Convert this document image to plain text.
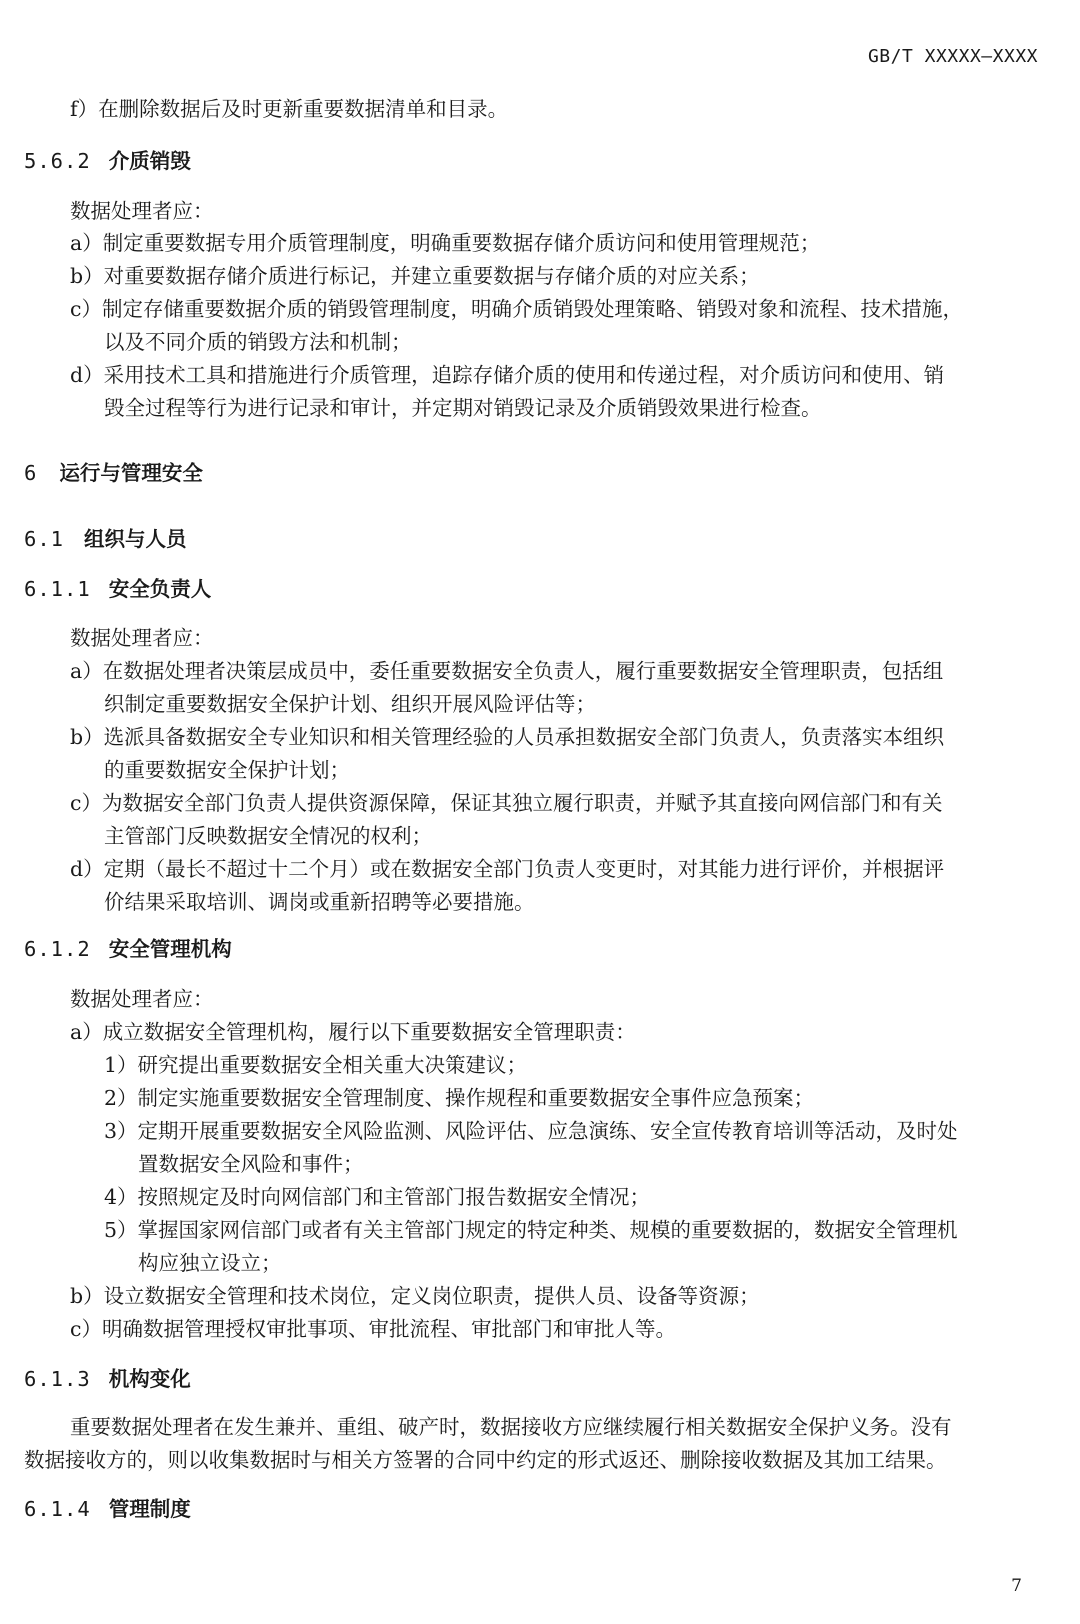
GB/T XXXXX—XXXX
f）在删除数据后及时更新重要数据清单和目录。
5.6.2 介质销毁
数据处理者应：
a）制定重要数据专用介质管理制度，明确重要数据存储介质访问和使用管理规范；
b）对重要数据存储介质进行标记，并建立重要数据与存储介质的对应关系；
c）制定存储重要数据介质的销毁管理制度，明确介质销毁处理策略、销毁对象和流程、技术措施，
以及不同介质的销毁方法和机制；
d）采用技术工具和措施进行介质管理，追踪存储介质的使用和传递过程，对介质访问和使用、销
毁全过程等行为进行记录和审计，并定期对销毁记录及介质销毁效果进行检查。
6 运行与管理安全
6.1 组织与人员
6.1.1 安全负责人
数据处理者应：
a）在数据处理者决策层成员中，委任重要数据安全负责人，履行重要数据安全管理职责，包括组
织制定重要数据安全保护计划、组织开展风险评估等；
b）选派具备数据安全专业知识和相关管理经验的人员承担数据安全部门负责人，负责落实本组织
的重要数据安全保护计划；
c）为数据安全部门负责人提供资源保障，保证其独立履行职责，并赋予其直接向网信部门和有关
主管部门反映数据安全情况的权利；
d）定期（最长不超过十二个月）或在数据安全部门负责人变更时，对其能力进行评价，并根据评
价结果采取培训、调岗或重新招聘等必要措施。
6.1.2 安全管理机构
数据处理者应：
a）成立数据安全管理机构，履行以下重要数据安全管理职责：
1）研究提出重要数据安全相关重大决策建议；
2）制定实施重要数据安全管理制度、操作规程和重要数据安全事件应急预案；
3）定期开展重要数据安全风险监测、风险评估、应急演练、安全宣传教育培训等活动，及时处
置数据安全风险和事件；
4）按照规定及时向网信部门和主管部门报告数据安全情况；
5）掌握国家网信部门或者有关主管部门规定的特定种类、规模的重要数据的，数据安全管理机
构应独立设立；
b）设立数据安全管理和技术岗位，定义岗位职责，提供人员、设备等资源；
c）明确数据管理授权审批事项、审批流程、审批部门和审批人等。
6.1.3 机构变化
重要数据处理者在发生兼并、重组、破产时，数据接收方应继续履行相关数据安全保护义务。没有
数据接收方的，则以收集数据时与相关方签署的合同中约定的形式返还、删除接收数据及其加工结果。
6.1.4 管理制度
7
